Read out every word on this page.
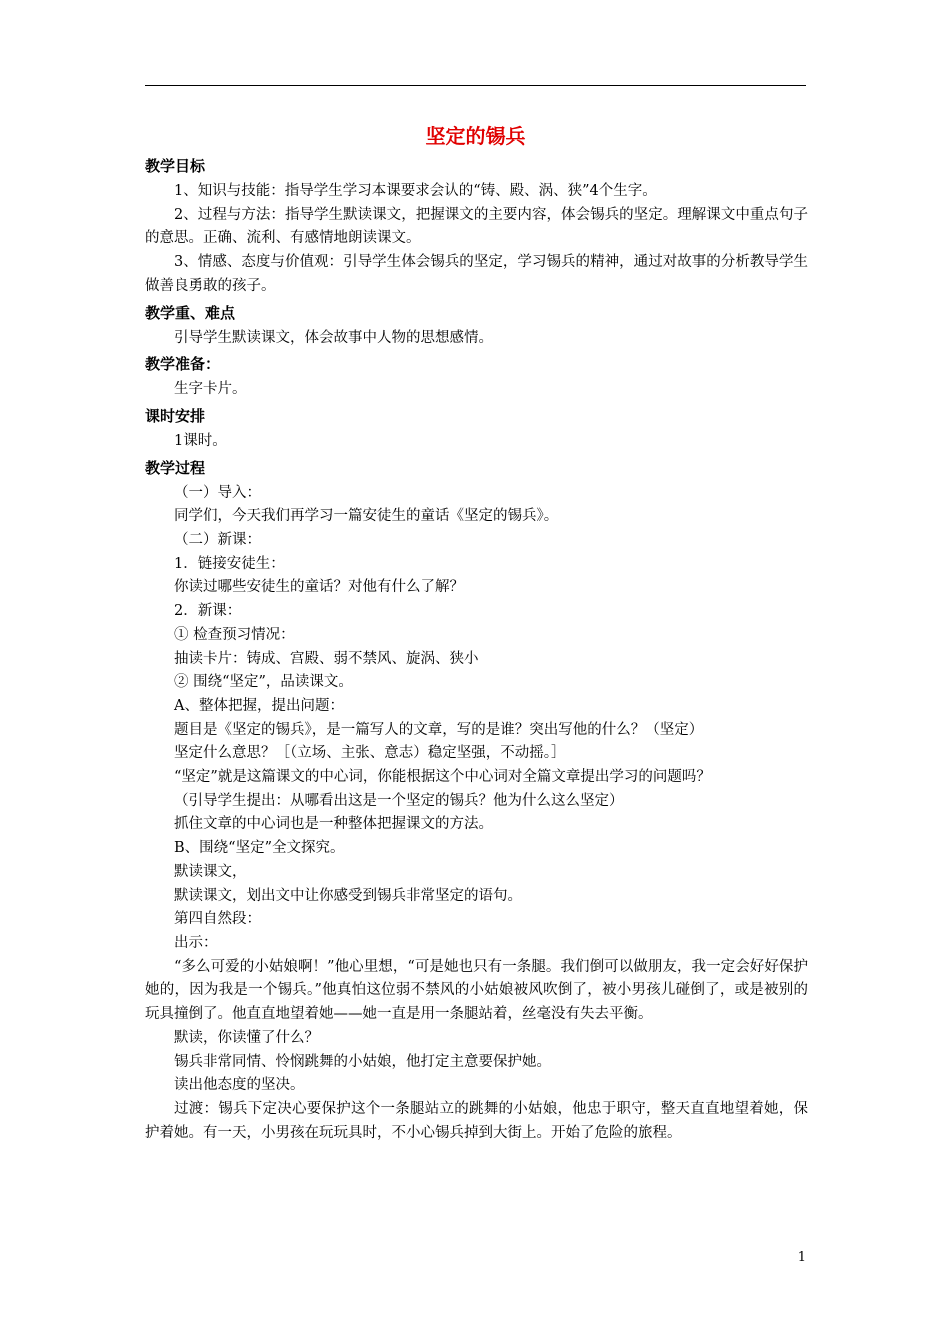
坚定的锡兵
教学目标

1、知识与技能：指导学生学习本课要求会认的“铸、殿、涡、狭”4个生字。

2、过程与方法：指导学生默读课文，把握课文的主要内容，体会锡兵的坚定。理解课文中重点句子的意思。正确、流利、有感情地朗读课文。

3、情感、态度与价值观：引导学生体会锡兵的坚定，学习锡兵的精神，通过对故事的分析教导学生做善良勇敢的孩子。

教学重、难点

引导学生默读课文，体会故事中人物的思想感情。

教学准备：

生字卡片。

课时安排

1课时。

教学过程

（一）导入：

同学们，今天我们再学习一篇安徒生的童话《坚定的锡兵》。

（二）新课：

1．链接安徒生：

你读过哪些安徒生的童话？对他有什么了解？

2．新课：

① 检查预习情况：

抽读卡片：铸成、宫殿、弱不禁风、旋涡、狭小

② 围绕“坚定”，品读课文。

A、整体把握，提出问题：

题目是《坚定的锡兵》，是一篇写人的文章，写的是谁？突出写他的什么？（坚定）

坚定什么意思？［（立场、主张、意志）稳定坚强，不动摇。］

“坚定”就是这篇课文的中心词，你能根据这个中心词对全篇文章提出学习的问题吗？

（引导学生提出：从哪看出这是一个坚定的锡兵？他为什么这么坚定）

抓住文章的中心词也是一种整体把握课文的方法。

B、围绕“坚定”全文探究。

默读课文，

默读课文，划出文中让你感受到锡兵非常坚定的语句。

第四自然段：

出示：

“多么可爱的小姑娘啊！”他心里想，“可是她也只有一条腿。我们倒可以做朋友，我一定会好好保护她的，因为我是一个锡兵。”他真怕这位弱不禁风的小姑娘被风吹倒了，被小男孩儿碰倒了，或是被别的玩具撞倒了。他直直地望着她——她一直是用一条腿站着，丝毫没有失去平衡。

默读，你读懂了什么？

锡兵非常同情、怜悯跳舞的小姑娘，他打定主意要保护她。

读出他态度的坚决。

过渡：锡兵下定决心要保护这个一条腿站立的跳舞的小姑娘，他忠于职守，整天直直地望着她，保护着她。有一天，小男孩在玩玩具时，不小心锡兵掉到大街上。开始了危险的旅程。

1
